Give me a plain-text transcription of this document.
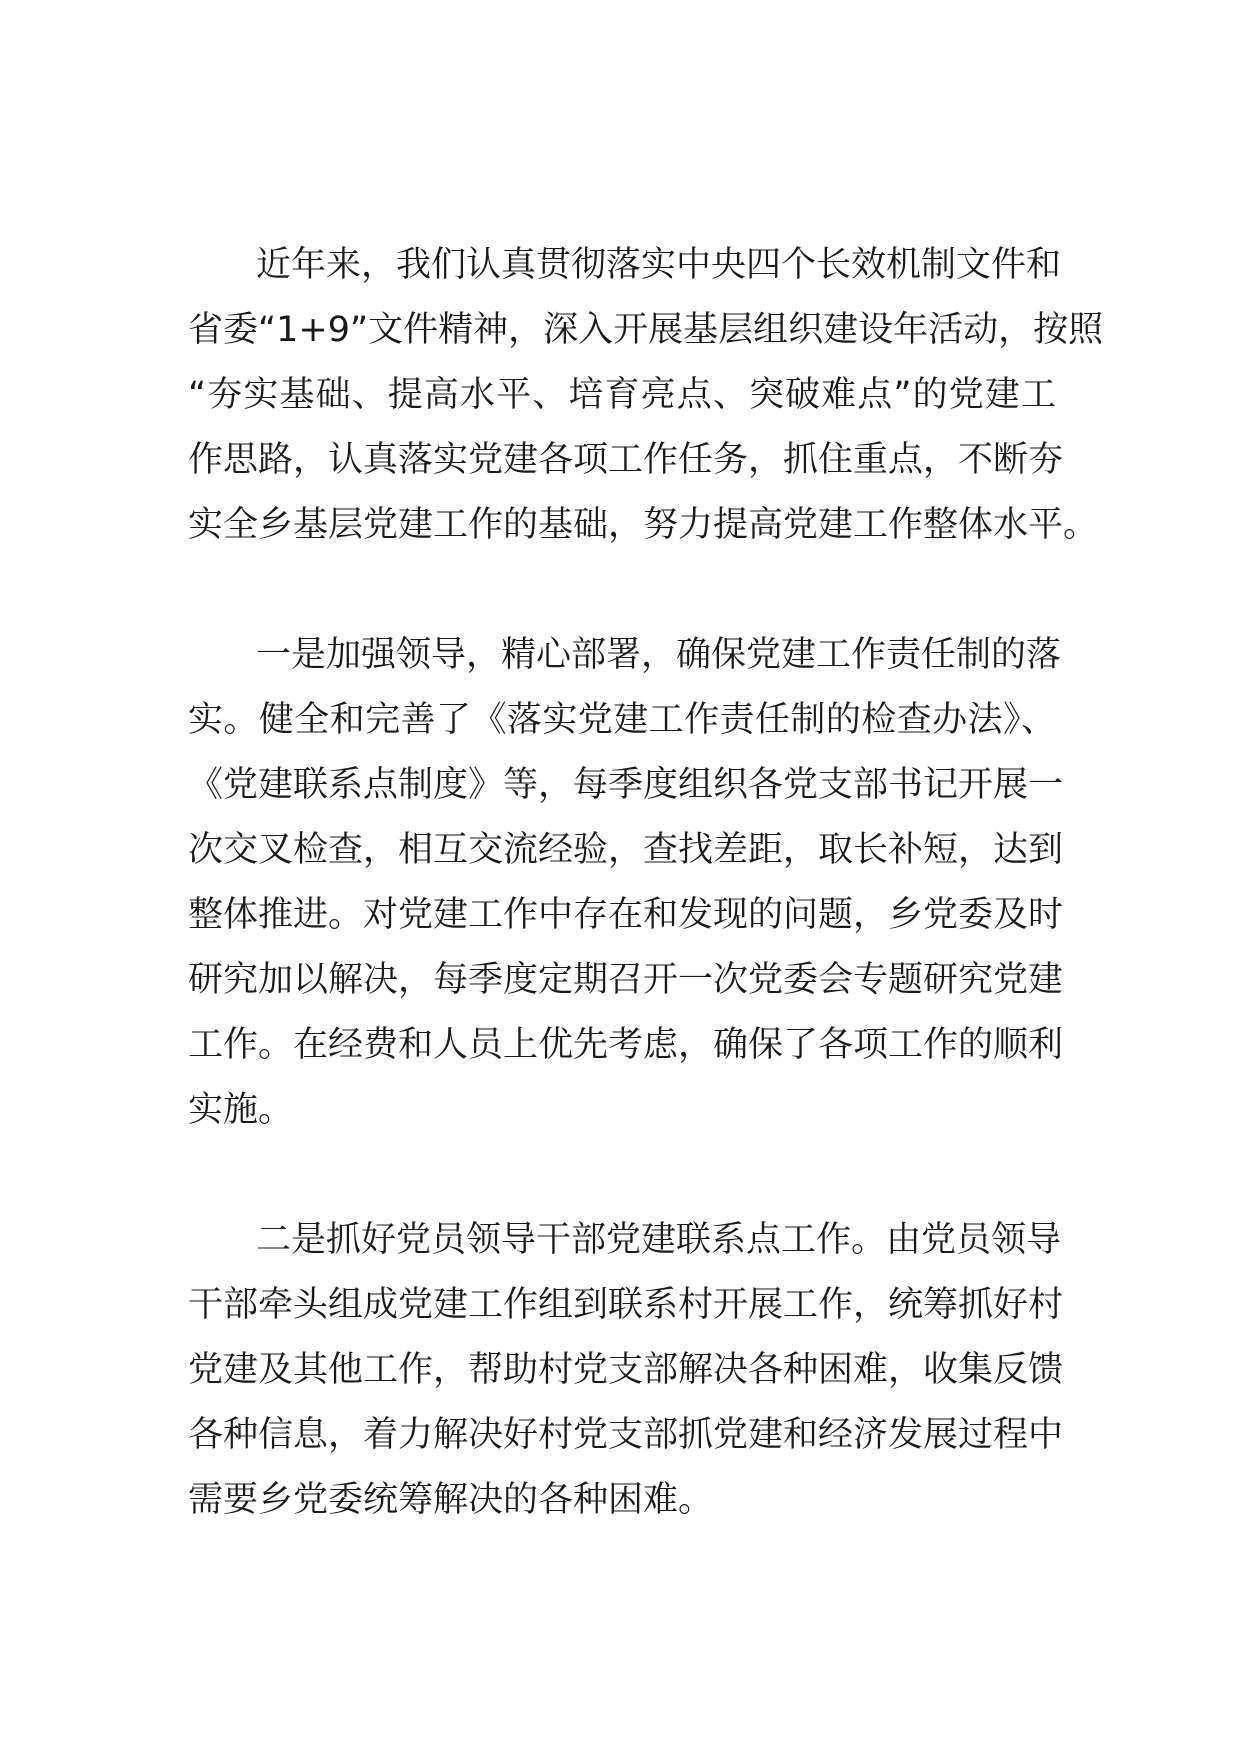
近年来，我们认真贯彻落实中央四个长效机制文件和
省委“1+9”文件精神，深入开展基层组织建设年活动，按照
“夯实基础、提高水平、培育亮点、突破难点”的党建工
作思路，认真落实党建各项工作任务，抓住重点，不断夯
实全乡基层党建工作的基础，努力提高党建工作整体水平。
一是加强领导，精心部署，确保党建工作责任制的落
实。健全和完善了《落实党建工作责任制的检查办法》、
《党建联系点制度》等，每季度组织各党支部书记开展一
次交叉检查，相互交流经验，查找差距，取长补短，达到
整体推进。对党建工作中存在和发现的问题，乡党委及时
研究加以解决，每季度定期召开一次党委会专题研究党建
工作。在经费和人员上优先考虑，确保了各项工作的顺利
实施。
二是抓好党员领导干部党建联系点工作。由党员领导
干部牵头组成党建工作组到联系村开展工作，统筹抓好村
党建及其他工作，帮助村党支部解决各种困难，收集反馈
各种信息，着力解决好村党支部抓党建和经济发展过程中
需要乡党委统筹解决的各种困难。
